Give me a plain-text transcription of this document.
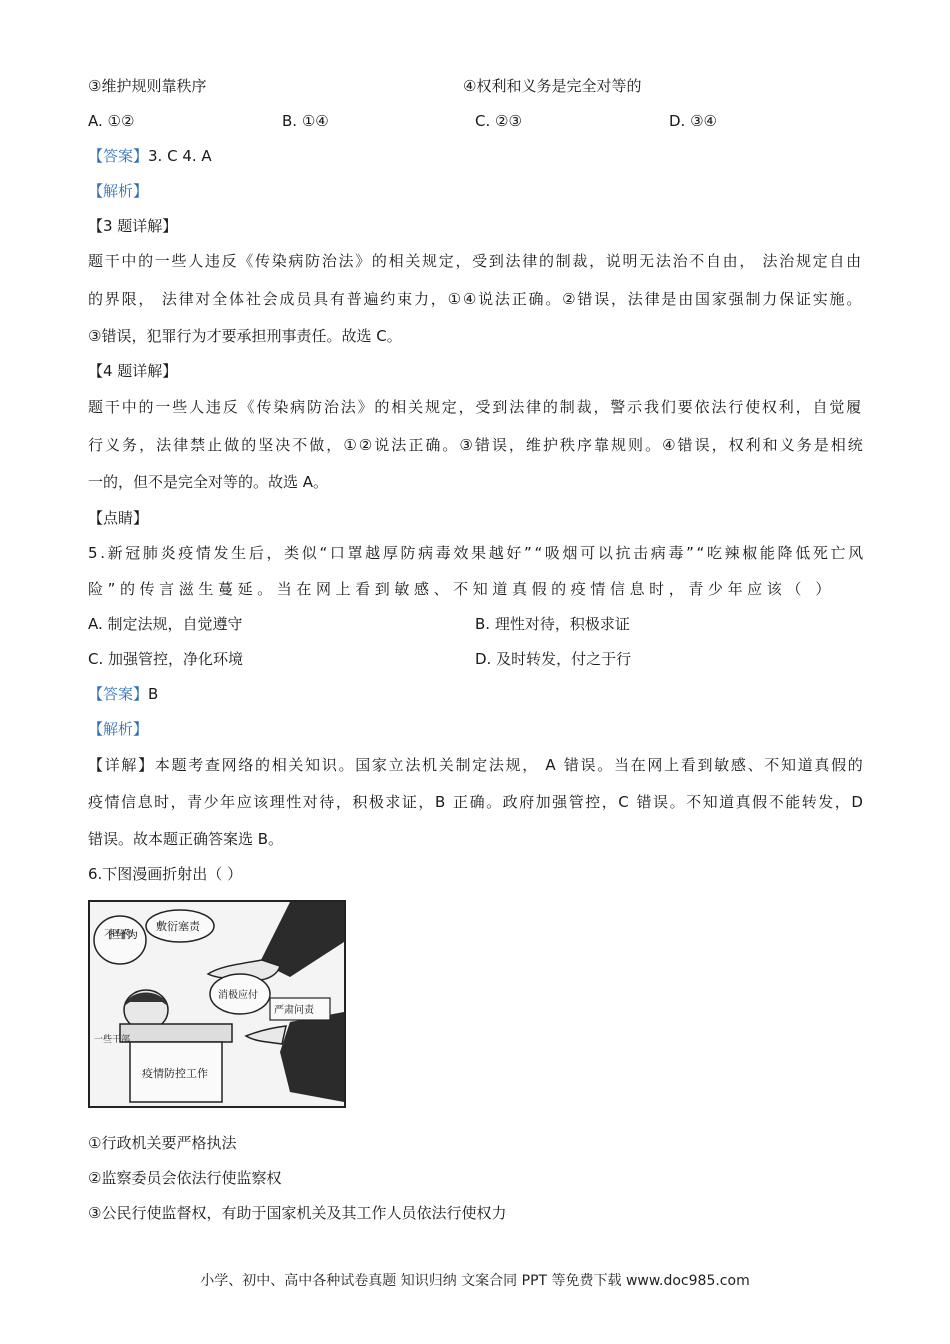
③维护规则靠秩序	④权利和义务是完全对等的
A. ①②	B. ①④	C. ②③	D. ③④
【答案】3. C 4. A
【解析】
【3 题详解】
题干中的一些人违反《传染病防治法》的相关规定，受到法律的制裁，说明无法治不自由， 法治规定自由
的界限， 法律对全体社会成员具有普遍约束力，①④说法正确。②错误，法律是由国家强制力保证实施。
③错误，犯罪行为才要承担刑事责任。故选 C。
【4 题详解】
题干中的一些人违反《传染病防治法》的相关规定，受到法律的制裁，警示我们要依法行使权利，自觉履
行义务，法律禁止做的坚决不做，①②说法正确。③错误，维护秩序靠规则。④错误，权利和义务是相统
一的，但不是完全对等的。故选 A。
【点睛】
5.新冠肺炎疫情发生后，类似“口罩越厚防病毒效果越好”“吸烟可以抗击病毒”“吃辣椒能降低死亡风
险”的传言滋生蔓延。当在网上看到敏感、不知道真假的疫情信息时，青少年应该（ ）
A. 制定法规，自觉遵守	B. 理性对待，积极求证
C. 加强管控，净化环境	D. 及时转发，付之于行
【答案】B
【解析】
【详解】本题考查网络的相关知识。国家立法机关制定法规， A 错误。当在网上看到敏感、不知道真假的
疫情信息时，青少年应该理性对待，积极求证，B 正确。政府加强管控，C 错误。不知道真假不能转发，D
错误。故本题正确答案选 B。
6.下图漫画折射出（ ）
不担当不作为
敷衍塞责
消极应付
严肃问责
疫情防控工作
一些干部
①行政机关要严格执法
②监察委员会依法行使监察权
③公民行使监督权，有助于国家机关及其工作人员依法行使权力
小学、初中、高中各种试卷真题 知识归纳 文案合同 PPT 等免费下载 www.doc985.com
